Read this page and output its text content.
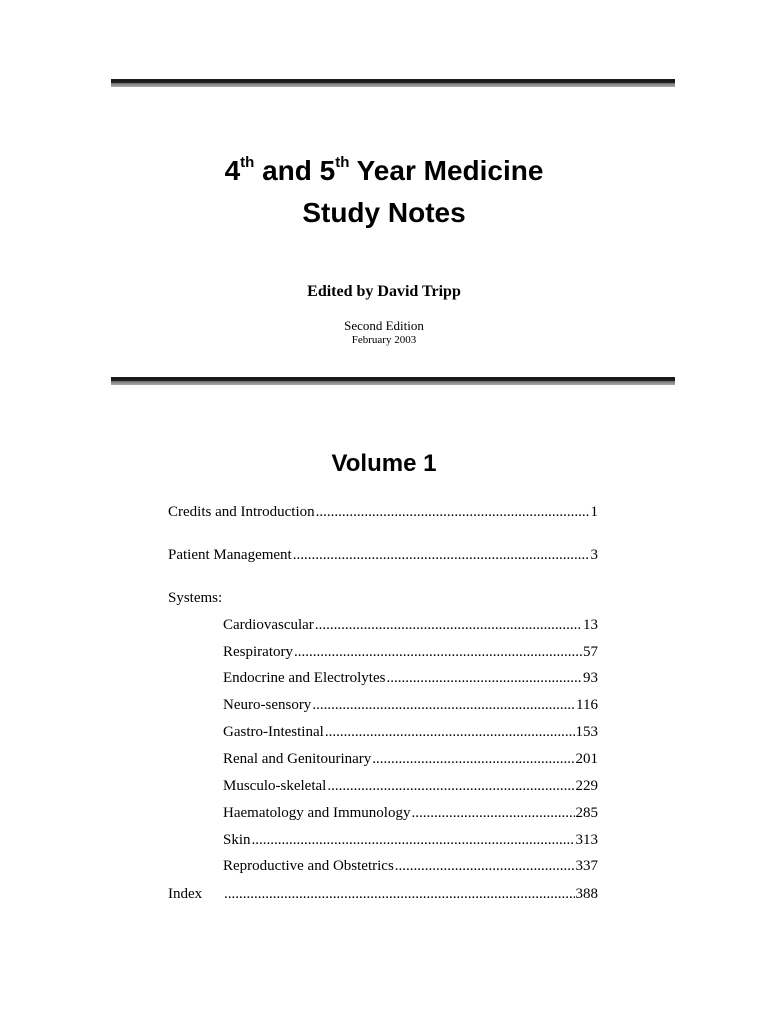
4th and 5th Year Medicine
Study Notes
Edited by David Tripp
Second Edition
February 2003
Volume 1
Credits and Introduction .....	1
Patient Management .....	3
Systems:
Cardiovascular .....	13
Respiratory .....	57
Endocrine and Electrolytes .....	93
Neuro-sensory .....	116
Gastro-Intestinal .....	153
Renal and Genitourinary .....	201
Musculo-skeletal .....	229
Haematology and Immunology .....	285
Skin .....	313
Reproductive and Obstetrics .....	337
Index .....	388
